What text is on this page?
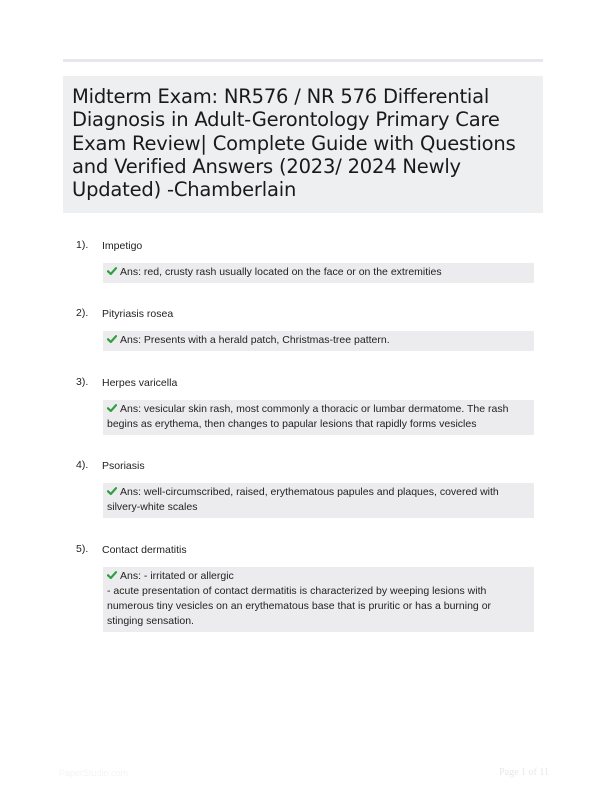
Midterm Exam: NR576 / NR 576 Differential Diagnosis in Adult-Gerontology Primary Care Exam Review| Complete Guide with Questions and Verified Answers (2023/ 2024 Newly Updated) -Chamberlain
1). Impetigo
Ans: red, crusty rash usually located on the face or on the extremities
2). Pityriasis rosea
Ans: Presents with a herald patch, Christmas-tree pattern.
3). Herpes varicella
Ans: vesicular skin rash, most commonly a thoracic or lumbar dermatome. The rash begins as erythema, then changes to papular lesions that rapidly forms vesicles
4). Psoriasis
Ans: well-circumscribed, raised, erythematous papules and plaques, covered with silvery-white scales
5). Contact dermatitis
Ans: - irritated or allergic
- acute presentation of contact dermatitis is characterized by weeping lesions with numerous tiny vesicles on an erythematous base that is pruritic or has a burning or stinging sensation.
PaperStudio.com	Page 1 of 11
